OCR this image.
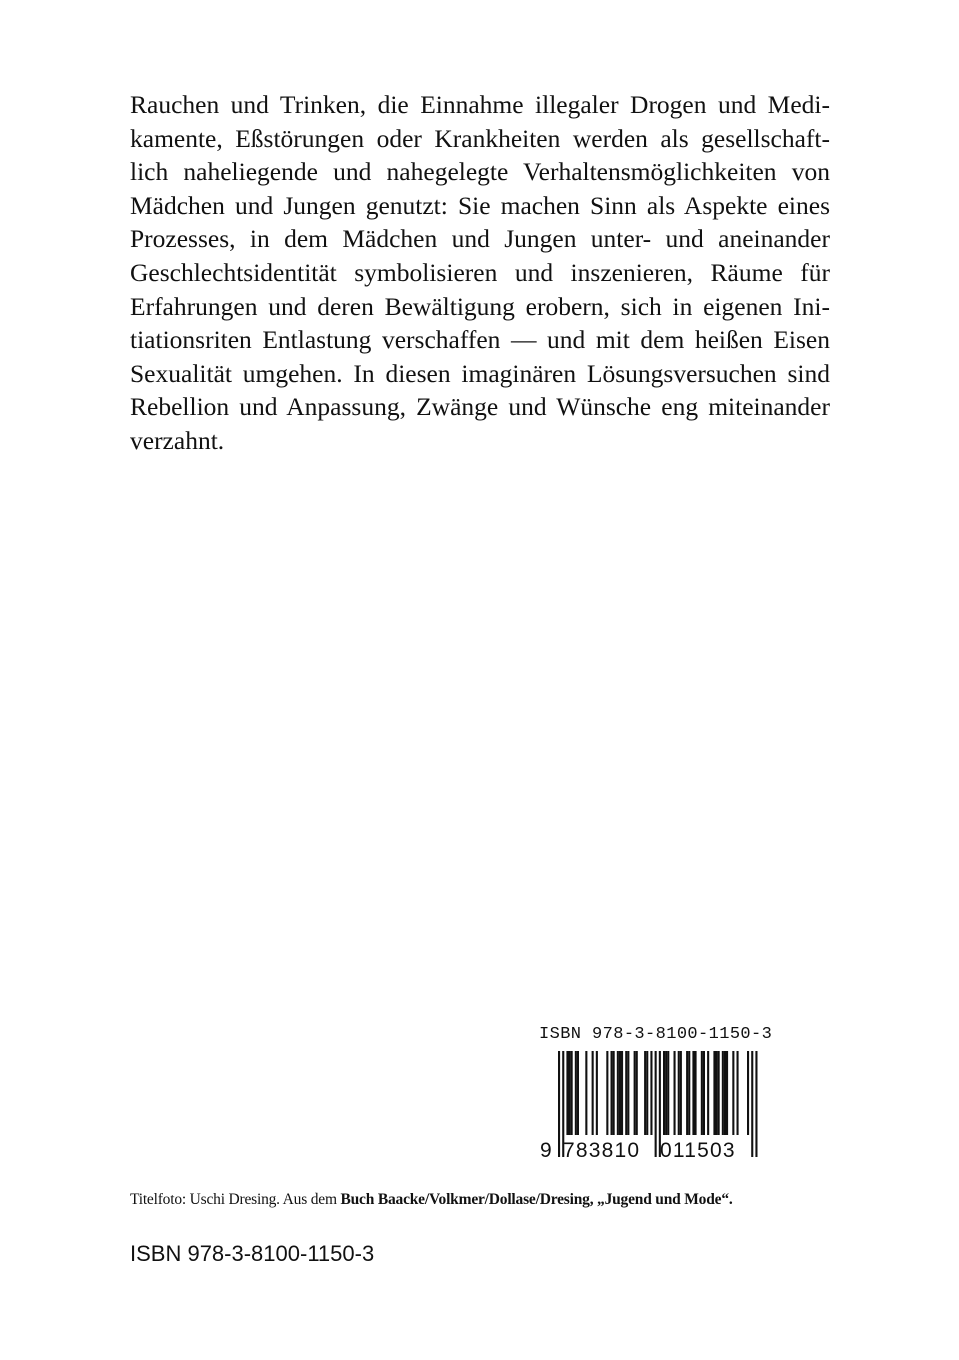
Rauchen und Trinken, die Einnahme illegaler Drogen und Medi-
kamente, Eßstörungen oder Krankheiten werden als gesellschaft-
lich naheliegende und nahegelegte Verhaltensmöglichkeiten von
Mädchen und Jungen genutzt: Sie machen Sinn als Aspekte eines
Prozesses, in dem Mädchen und Jungen unter- und aneinander
Geschlechtsidentität symbolisieren und inszenieren, Räume für
Erfahrungen und deren Bewältigung erobern, sich in eigenen Ini-
tiationsriten Entlastung verschaffen — und mit dem heißen Eisen
Sexualität umgehen. In diesen imaginären Lösungsversuchen sind
Rebellion und Anpassung, Zwänge und Wünsche eng miteinander
verzahnt.
ISBN 978-3-8100-1150-3
9 783810 011503
Titelfoto: Uschi Dresing. Aus dem Buch Baacke/Volkmer/Dollase/Dresing, „Jugend und Mode“.
ISBN 978-3-8100-1150-3
